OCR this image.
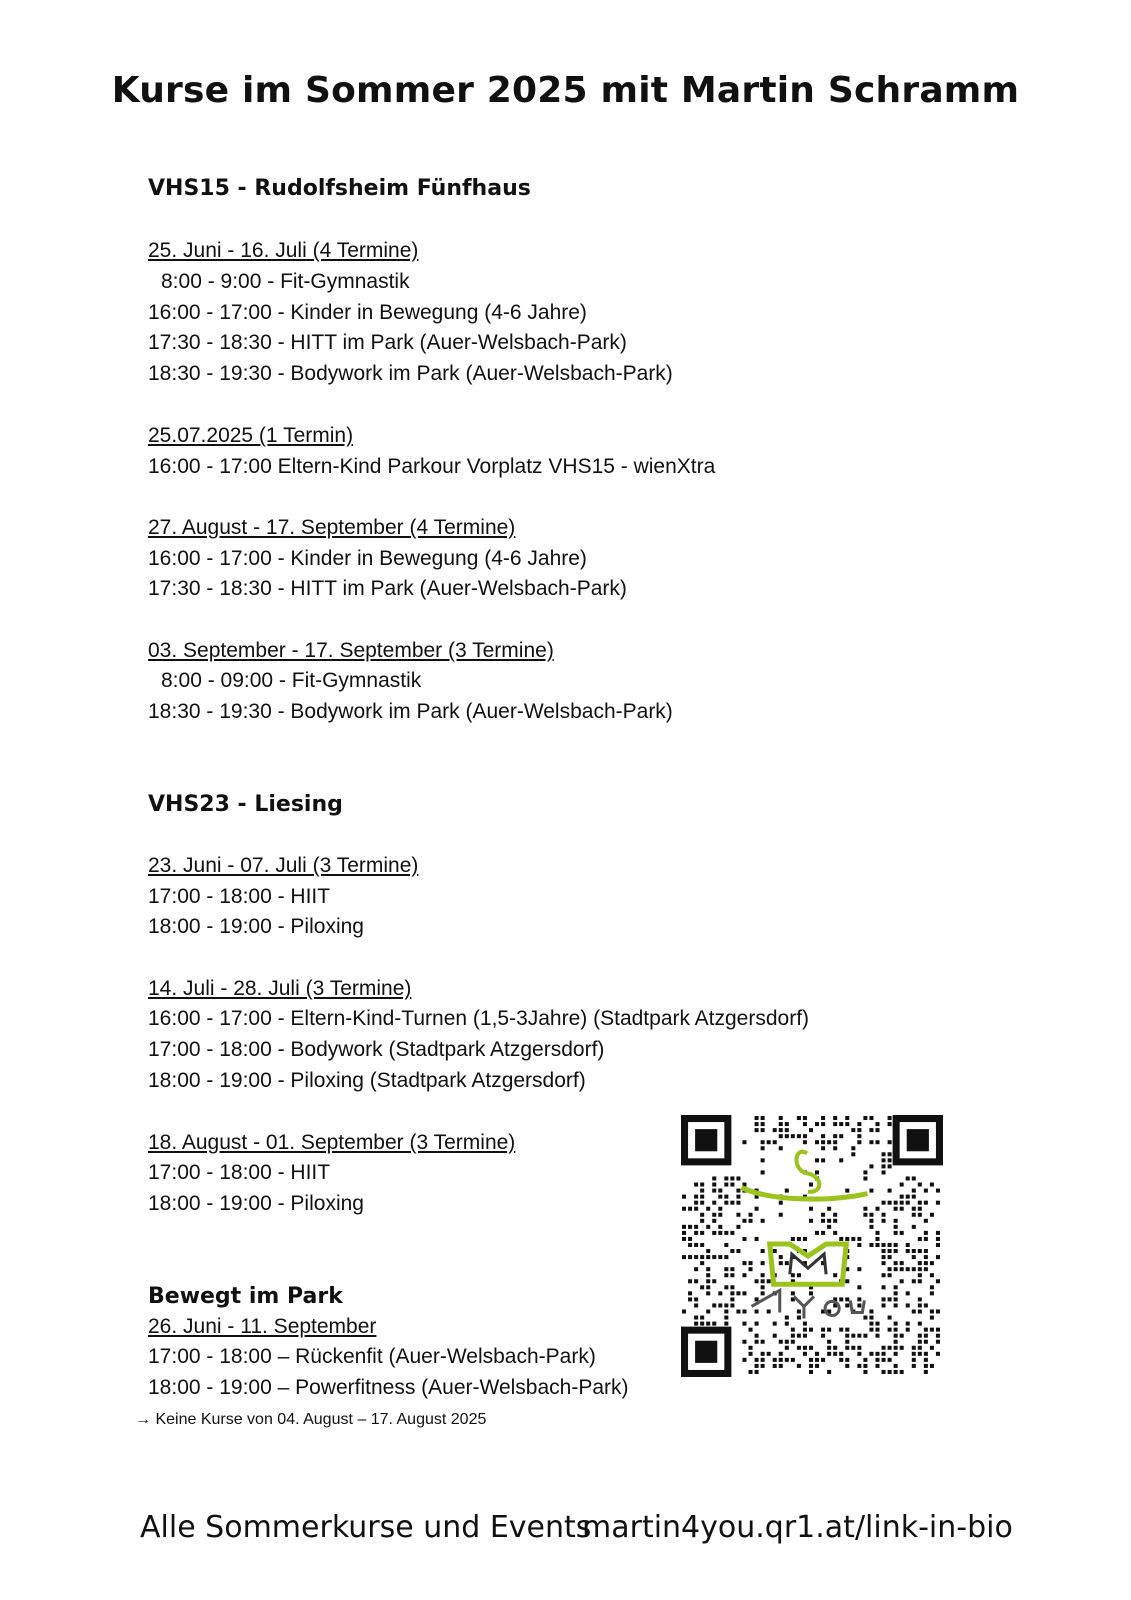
Kurse im Sommer 2025 mit Martin Schramm
VHS15 - Rudolfsheim Fünfhaus
25. Juni - 16. Juli (4 Termine)
8:00 - 9:00 - Fit-Gymnastik
16:00 - 17:00 - Kinder in Bewegung (4-6 Jahre)
17:30 - 18:30 - HITT im Park (Auer-Welsbach-Park)
18:30 - 19:30 - Bodywork im Park (Auer-Welsbach-Park)
25.07.2025 (1 Termin)
16:00 - 17:00 Eltern-Kind Parkour Vorplatz VHS15 - wienXtra
27. August - 17. September (4 Termine)
16:00 - 17:00 - Kinder in Bewegung (4-6 Jahre)
17:30 - 18:30 - HITT im Park (Auer-Welsbach-Park)
03. September - 17. September (3 Termine)
8:00 - 09:00 - Fit-Gymnastik
18:30 - 19:30 - Bodywork im Park (Auer-Welsbach-Park)
VHS23 - Liesing
23. Juni - 07. Juli (3 Termine)
17:00 - 18:00 - HIIT
18:00 - 19:00 - Piloxing
14. Juli - 28. Juli (3 Termine)
16:00 - 17:00 - Eltern-Kind-Turnen (1,5-3Jahre) (Stadtpark Atzgersdorf)
17:00 - 18:00 - Bodywork (Stadtpark Atzgersdorf)
18:00 - 19:00 - Piloxing (Stadtpark Atzgersdorf)
18. August - 01. September (3 Termine)
17:00 - 18:00 - HIIT
18:00 - 19:00 - Piloxing
Bewegt im Park
26. Juni - 11. September
17:00 - 18:00 – Rückenfit (Auer-Welsbach-Park)
18:00 - 19:00 – Powerfitness (Auer-Welsbach-Park)
→ Keine Kurse von 04. August – 17. August 2025
Alle Sommerkurse und Events
martin4you.qr1.at/link-in-bio
